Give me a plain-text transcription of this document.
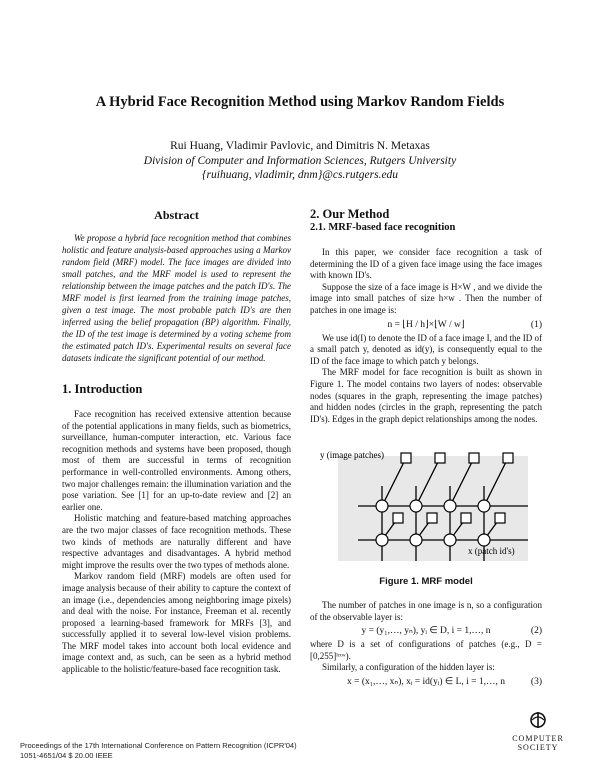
A Hybrid Face Recognition Method using Markov Random Fields
Rui Huang, Vladimir Pavlovic, and Dimitris N. Metaxas
Division of Computer and Information Sciences, Rutgers University
{ruihuang, vladimir, dnm}@cs.rutgers.edu
Abstract

We propose a hybrid face recognition method that combines holistic and feature analysis-based approaches using a Markov random field (MRF) model. The face images are divided into small patches, and the MRF model is used to represent the relationship between the image patches and the patch ID's. The MRF model is first learned from the training image patches, given a test image. The most probable patch ID's are then inferred using the belief propagation (BP) algorithm. Finally, the ID of the test image is determined by a voting scheme from the estimated patch ID's. Experimental results on several face datasets indicate the significant potential of our method.

1. Introduction

Face recognition has received extensive attention because of the potential applications in many fields, such as biometrics, surveillance, human-computer interaction, etc. Various face recognition methods and systems have been proposed, though most of them are successful in terms of recognition performance in well-controlled environments. Among others, two major challenges remain: the illumination variation and the pose variation. See [1] for an up-to-date review and [2] an earlier one.

Holistic matching and feature-based matching approaches are the two major classes of face recognition methods. These two kinds of methods are naturally different and have respective advantages and disadvantages. A hybrid method might improve the results over the two types of methods alone.

Markov random field (MRF) models are often used for image analysis because of their ability to capture the context of an image (i.e., dependencies among neighboring image pixels) and deal with the noise. For instance, Freeman et al. recently proposed a learning-based framework for MRFs [3], and successfully applied it to several low-level vision problems. The MRF model takes into account both local evidence and image context and, as such, can be seen as a hybrid method applicable to the holistic/feature-based face recognition task.

2. Our Method

2.1. MRF-based face recognition

In this paper, we consider face recognition a task of determining the ID of a given face image using the face images with known ID's.

Suppose the size of a face image is H×W , and we divide the image into small patches of size h×w . Then the number of patches in one image is:

n = ⌊H / h⌋×⌊W / w⌋	(1)

We use id(I) to denote the ID of a face image I, and the ID of a small patch y, denoted as id(y), is consequently equal to the ID of the face image to which patch y belongs.

The MRF model for face recognition is built as shown in Figure 1. The model contains two layers of nodes: observable nodes (squares in the graph, representing the image patches) and hidden nodes (circles in the graph, representing the patch ID's). Edges in the graph depict relationships among the nodes.

y (image patches)
x (patch id's)
Figure 1. MRF model

The number of patches in one image is n, so a configuration of the observable layer is:

y = (y₁,…, yₙ), yᵢ ∈ D, i = 1,…, n	(2)

where D is a set of configurations of patches (e.g., D = [0,255]ʰˣʷ).

Similarly, a configuration of the hidden layer is:

x = (x₁,…, xₙ), xᵢ = id(yᵢ) ∈ L, i = 1,…, n	(3)
Proceedings of the 17th International Conference on Pattern Recognition (ICPR'04)
1051-4651/04 $ 20.00 IEEE
COMPUTER
SOCIETY
